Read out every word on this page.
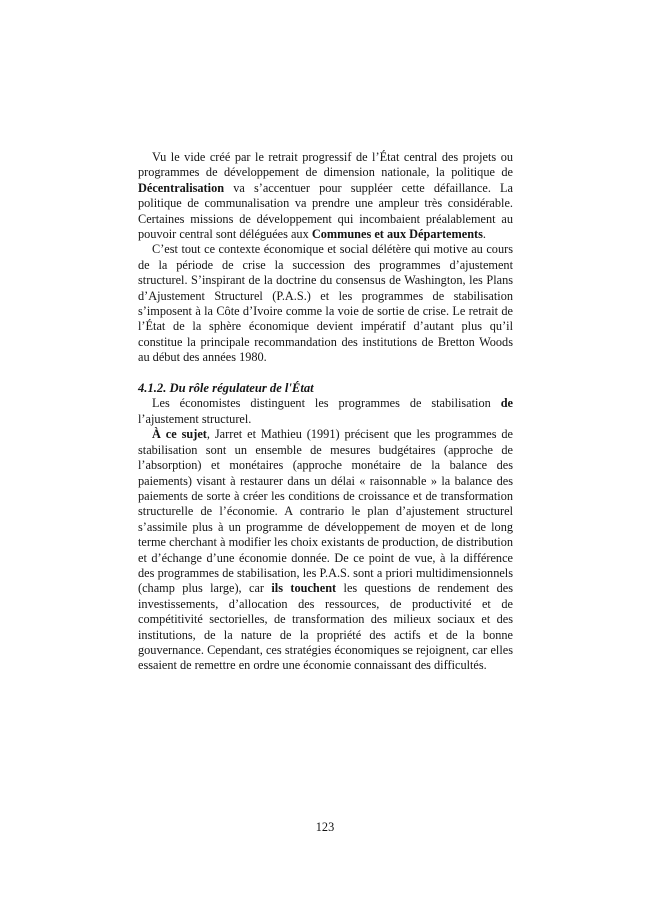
Vu le vide créé par le retrait progressif de l’État central des projets ou programmes de développement de dimension nationale, la politique de Décentralisation va s’accentuer pour suppléer cette défaillance. La politique de communalisation va prendre une ampleur très considérable. Certaines missions de développement qui incombaient préalablement au pouvoir central sont déléguées aux Communes et aux Départements.

C’est tout ce contexte économique et social délétère qui motive au cours de la période de crise la succession des programmes d’ajustement structurel. S’inspirant de la doctrine du consensus de Washington, les Plans d’Ajustement Structurel (P.A.S.) et les programmes de stabilisation s’imposent à la Côte d’Ivoire comme la voie de sortie de crise. Le retrait de l’État de la sphère économique devient impératif d’autant plus qu’il constitue la principale recommandation des institutions de Bretton Woods au début des années 1980.

4.1.2. Du rôle régulateur de l'État

Les économistes distinguent les programmes de stabilisation de l’ajustement structurel.

À ce sujet, Jarret et Mathieu (1991) précisent que les programmes de stabilisation sont un ensemble de mesures budgétaires (approche de l’absorption) et monétaires (approche monétaire de la balance des paiements) visant à restaurer dans un délai « raisonnable » la balance des paiements de sorte à créer les conditions de croissance et de transformation structurelle de l’économie. A contrario le plan d’ajustement structurel s’assimile plus à un programme de développement de moyen et de long terme cherchant à modifier les choix existants de production, de distribution et d’échange d’une économie donnée. De ce point de vue, à la différence des programmes de stabilisation, les P.A.S. sont a priori multidimensionnels (champ plus large), car ils touchent les questions de rendement des investissements, d’allocation des ressources, de productivité et de compétitivité sectorielles, de transformation des milieux sociaux et des institutions, de la nature de la propriété des actifs et de la bonne gouvernance. Cependant, ces stratégies économiques se rejoignent, car elles essaient de remettre en ordre une économie connaissant des difficultés.

123
